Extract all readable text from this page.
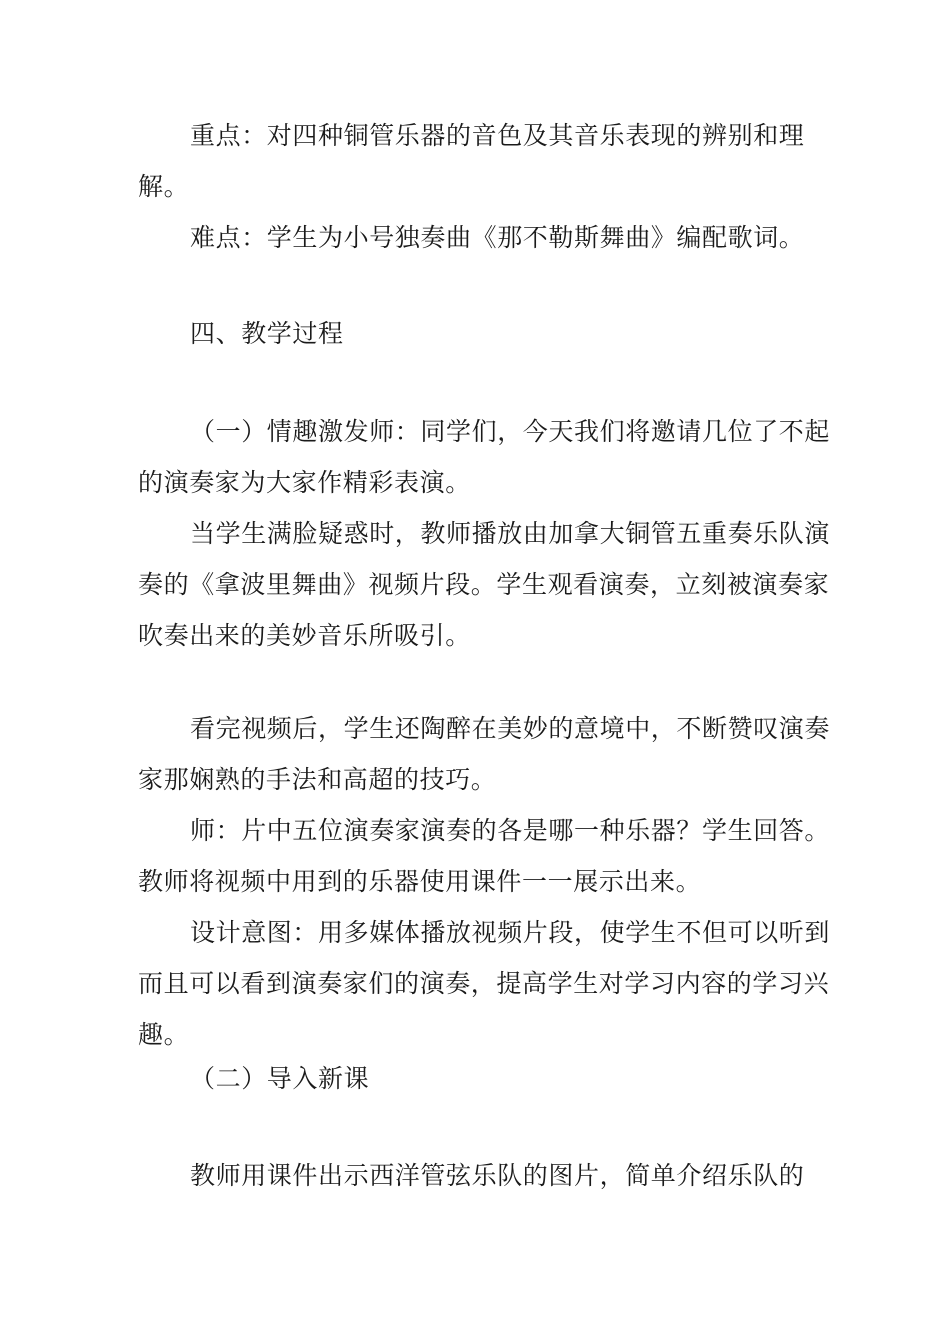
重点：对四种铜管乐器的音色及其音乐表现的辨别和理解。

难点：学生为小号独奏曲《那不勒斯舞曲》编配歌词。

四、教学过程

（一）情趣激发师：同学们，今天我们将邀请几位了不起的演奏家为大家作精彩表演。

当学生满脸疑惑时，教师播放由加拿大铜管五重奏乐队演奏的《拿波里舞曲》视频片段。学生观看演奏，立刻被演奏家吹奏出来的美妙音乐所吸引。

看完视频后，学生还陶醉在美妙的意境中，不断赞叹演奏家那娴熟的手法和高超的技巧。

师：片中五位演奏家演奏的各是哪一种乐器？学生回答。教师将视频中用到的乐器使用课件一一展示出来。

设计意图：用多媒体播放视频片段，使学生不但可以听到而且可以看到演奏家们的演奏，提高学生对学习内容的学习兴趣。

（二）导入新课

教师用课件出示西洋管弦乐队的图片，简单介绍乐队的
